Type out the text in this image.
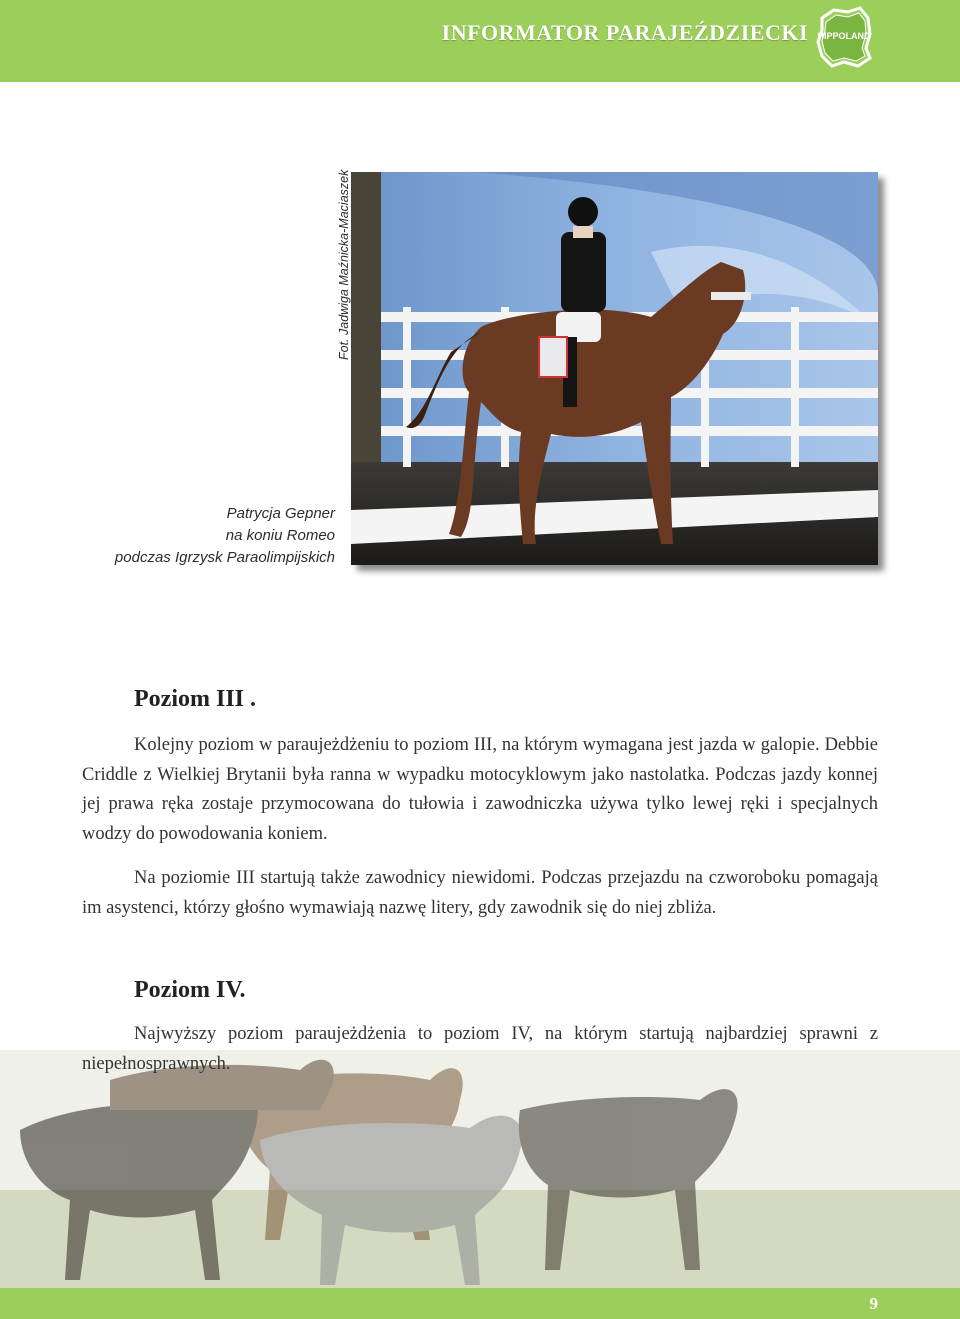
INFORMATOR PARAJEŹDZIECKI	HIPPOLAND
Fot. Jadwiga Maźnicka-Maciaszek
Patrycja Gepner
na koniu Romeo
podczas Igrzysk Paraolimpijskich
Poziom III .

Kolejny poziom w paraujeżdżeniu to poziom III, na którym wymagana jest jazda w galopie. Debbie Criddle z Wielkiej Brytanii była ranna w wypadku motocyklowym jako nastolatka. Podczas jazdy konnej jej prawa ręka zostaje przymocowana do tułowia i zawodniczka używa tylko lewej ręki i specjalnych wodzy do powodowania koniem.

Na poziomie III startują także zawodnicy niewidomi. Podczas przejazdu na czworoboku pomagają im asystenci, którzy głośno wymawiają nazwę litery, gdy zawodnik się do niej zbliża.

Poziom IV.

Najwyższy poziom paraujeżdżenia to poziom IV, na którym startują najbardziej sprawni z niepełnosprawnych.

9
